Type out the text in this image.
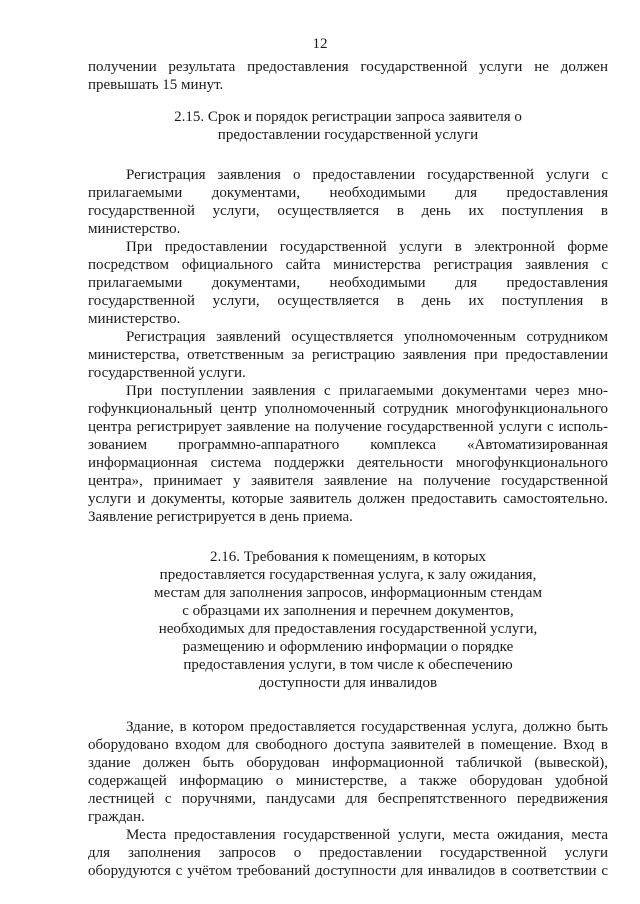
12
получении результата предоставления государственной услуги не должен
превышать 15 минут.
2.15. Срок и порядок регистрации запроса заявителя о
предоставлении государственной услуги
Регистрация заявления о предоставлении государственной услуги с
прилагаемыми документами, необходимыми для предоставления
государственной услуги, осуществляется в день их поступления в
министерство.
При предоставлении государственной услуги в электронной форме
посредством официального сайта министерства регистрация заявления с
прилагаемыми документами, необходимыми для предоставления
государственной услуги, осуществляется в день их поступления в
министерство.
Регистрация заявлений осуществляется уполномоченным сотрудником
министерства, ответственным за регистрацию заявления при предоставлении
государственной услуги.
При поступлении заявления с прилагаемыми документами через мно-
гофункциональный центр уполномоченный сотрудник многофункционального
центра регистрирует заявление на получение государственной услуги с исполь-
зованием программно-аппаратного комплекса «Автоматизированная
информационная система поддержки деятельности многофункционального
центра», принимает у заявителя заявление на получение государственной
услуги и документы, которые заявитель должен предоставить самостоятельно.
Заявление регистрируется в день приема.
2.16. Требования к помещениям, в которых
предоставляется государственная услуга, к залу ожидания,
местам для заполнения запросов, информационным стендам
с образцами их заполнения и перечнем документов,
необходимых для предоставления государственной услуги,
размещению и оформлению информации о порядке
предоставления услуги, в том числе к обеспечению
доступности для инвалидов
Здание, в котором предоставляется государственная услуга, должно быть
оборудовано входом для свободного доступа заявителей в помещение. Вход в
здание должен быть оборудован информационной табличкой (вывеской),
содержащей информацию о министерстве, а также оборудован удобной
лестницей с поручнями, пандусами для беспрепятственного передвижения
граждан.
Места предоставления государственной услуги, места ожидания, места
для заполнения запросов о предоставлении государственной услуги
оборудуются с учётом требований доступности для инвалидов в соответствии с
